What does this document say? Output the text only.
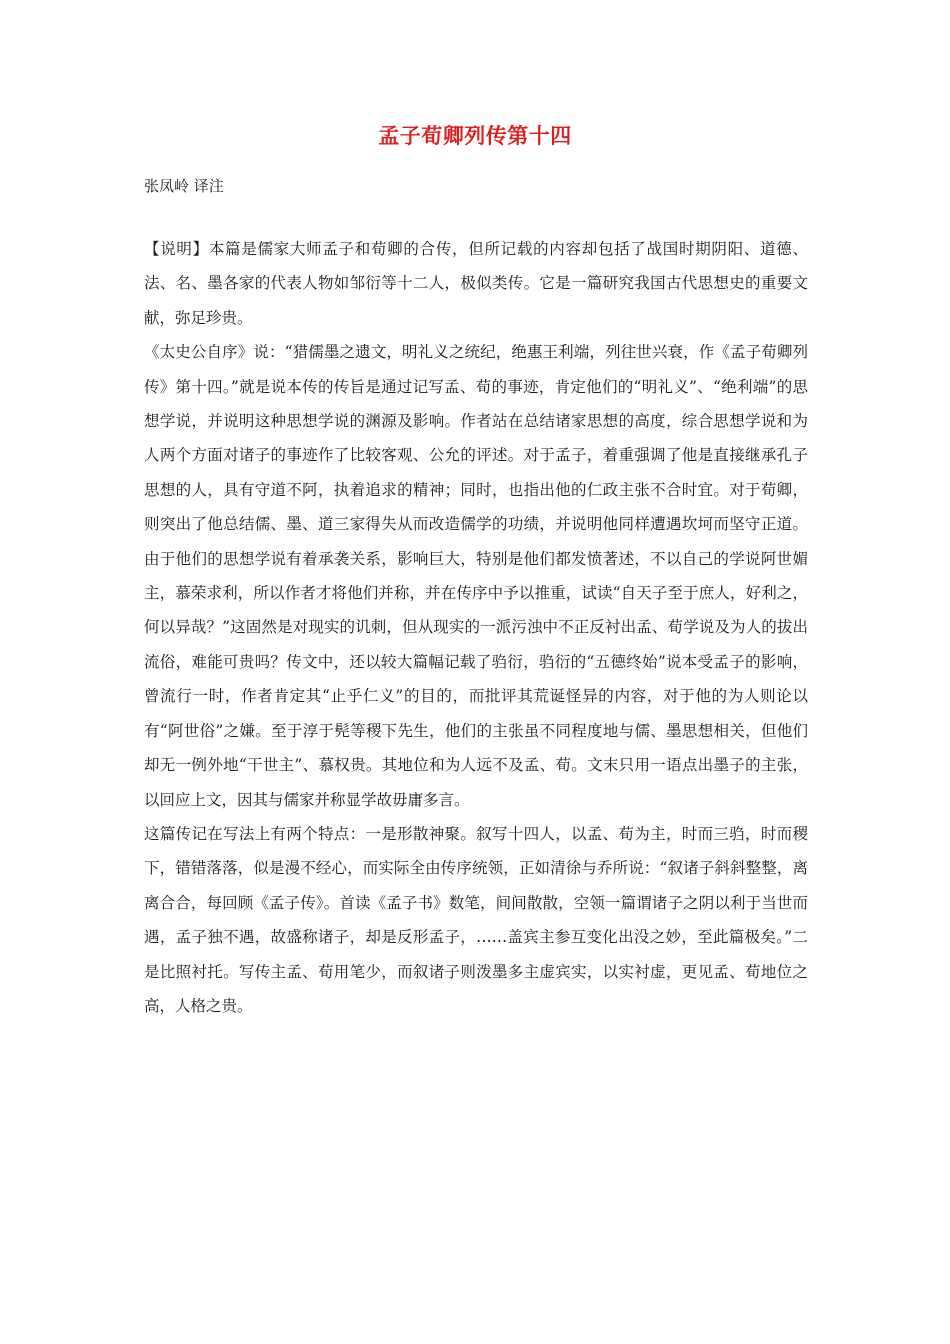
孟子荀卿列传第十四
张凤岭 译注

【说明】本篇是儒家大师孟子和荀卿的合传，但所记载的内容却包括了战国时期阴阳、道德、法、名、墨各家的代表人物如邹衍等十二人，极似类传。它是一篇研究我国古代思想史的重要文献，弥足珍贵。

《太史公自序》说：“猎儒墨之遗文，明礼义之统纪，绝惠王利端，列往世兴衰，作《孟子荀卿列传》第十四。”就是说本传的传旨是通过记写孟、荀的事迹，肯定他们的“明礼义”、“绝利端”的思想学说，并说明这种思想学说的渊源及影响。作者站在总结诸家思想的高度，综合思想学说和为人两个方面对诸子的事迹作了比较客观、公允的评述。对于孟子，着重强调了他是直接继承孔子思想的人，具有守道不阿，执着追求的精神；同时，也指出他的仁政主张不合时宜。对于荀卿，则突出了他总结儒、墨、道三家得失从而改造儒学的功绩，并说明他同样遭遇坎坷而坚守正道。由于他们的思想学说有着承袭关系，影响巨大，特别是他们都发愤著述，不以自己的学说阿世媚主，慕荣求利，所以作者才将他们并称，并在传序中予以推重，试读“自天子至于庶人，好利之，何以异哉？”这固然是对现实的讥刺，但从现实的一派污浊中不正反衬出孟、荀学说及为人的拔出流俗，难能可贵吗？传文中，还以较大篇幅记载了驺衍，驺衍的“五德终始”说本受孟子的影响，曾流行一时，作者肯定其“止乎仁义”的目的，而批评其荒诞怪异的内容，对于他的为人则论以有“阿世俗”之嫌。至于淳于髡等稷下先生，他们的主张虽不同程度地与儒、墨思想相关，但他们却无一例外地“干世主”、慕权贵。其地位和为人远不及孟、荀。文末只用一语点出墨子的主张，以回应上文，因其与儒家并称显学故毋庸多言。

这篇传记在写法上有两个特点：一是形散神聚。叙写十四人，以孟、荀为主，时而三驺，时而稷下，错错落落，似是漫不经心，而实际全由传序统领，正如清徐与乔所说：“叙诸子斜斜整整，离离合合，每回顾《孟子传》。首读《孟子书》数笔，间间散散，空领一篇谓诸子之阴以利于当世而遇，孟子独不遇，故盛称诸子，却是反形孟子，……盖宾主参互变化出没之妙，至此篇极矣。”二是比照衬托。写传主孟、荀用笔少，而叙诸子则泼墨多主虚宾实，以实衬虚，更见孟、荀地位之高，人格之贵。
